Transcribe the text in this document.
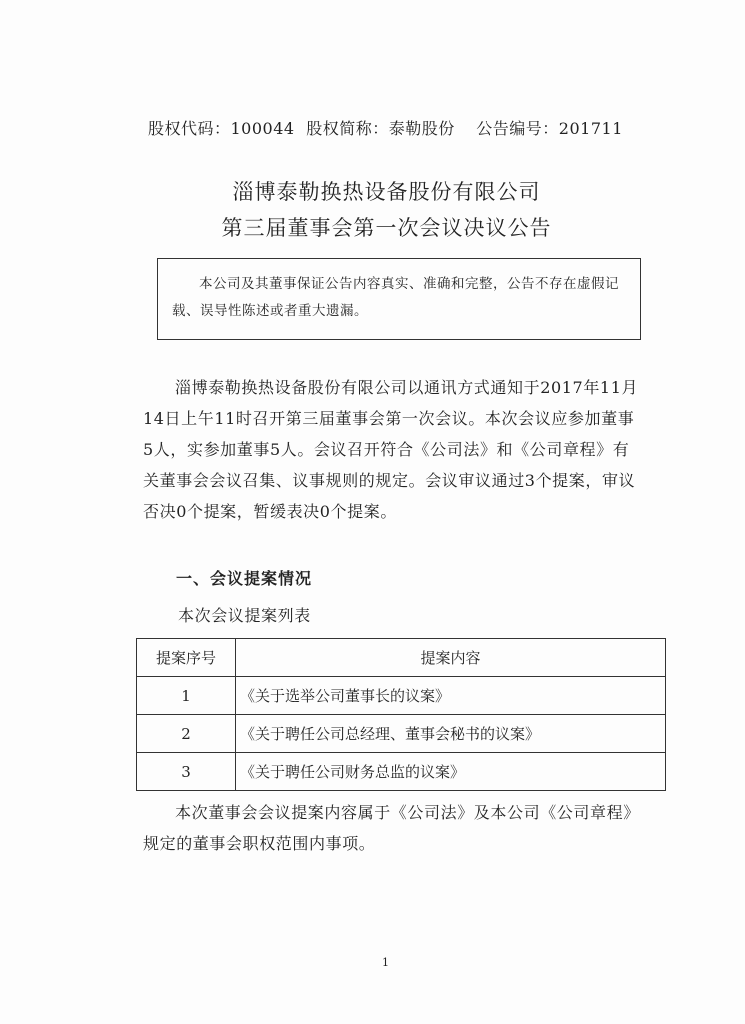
股权代码：100044 股权简称：泰勒股份 公告编号：201711
淄博泰勒换热设备股份有限公司
第三届董事会第一次会议决议公告
本公司及其董事保证公告内容真实、准确和完整，公告不存在虚假记载、误导性陈述或者重大遗漏。
淄博泰勒换热设备股份有限公司以通讯方式通知于2017年11月14日上午11时召开第三届董事会第一次会议。本次会议应参加董事5人，实参加董事5人。会议召开符合《公司法》和《公司章程》有关董事会会议召集、议事规则的规定。会议审议通过3个提案，审议否决0个提案，暂缓表决0个提案。
一、会议提案情况
本次会议提案列表
提案序号	提案内容
1	《关于选举公司董事长的议案》
2	《关于聘任公司总经理、董事会秘书的议案》
3	《关于聘任公司财务总监的议案》
本次董事会会议提案内容属于《公司法》及本公司《公司章程》规定的董事会职权范围内事项。
1
